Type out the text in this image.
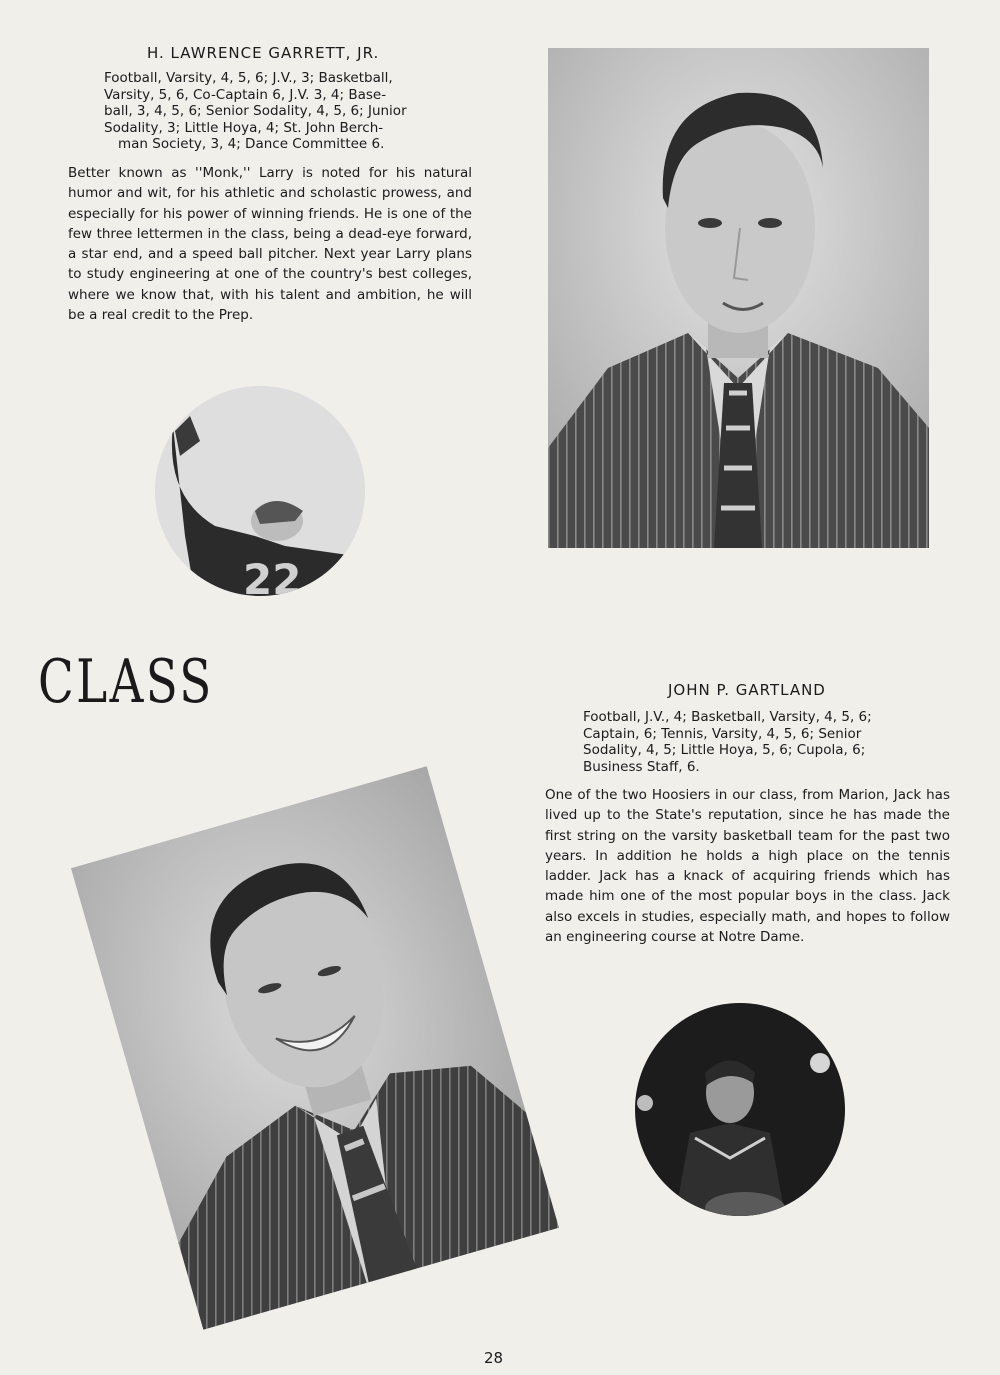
H. LAWRENCE GARRETT, JR.
Football, Varsity, 4, 5, 6; J.V., 3; Basketball,
Varsity, 5, 6, Co-Captain 6, J.V. 3, 4; Base-
ball, 3, 4, 5, 6; Senior Sodality, 4, 5, 6; Junior
Sodality, 3; Little Hoya, 4; St. John Berch-
man Society, 3, 4; Dance Committee 6.
Better known as ''Monk,'' Larry is noted for his natural humor and wit, for his athletic and scholastic prowess, and especially for his power of winning friends. He is one of the few three lettermen in the class, being a dead-eye forward, a star end, and a speed ball pitcher. Next year Larry plans to study engineering at one of the country's best colleges, where we know that, with his talent and ambition, he will be a real credit to the Prep.
22
CLASS	JOHN P. GARTLAND
Football, J.V., 4; Basketball, Varsity, 4, 5, 6;
Captain, 6; Tennis, Varsity, 4, 5, 6; Senior
Sodality, 4, 5; Little Hoya, 5, 6; Cupola, 6;
Business Staff, 6.
One of the two Hoosiers in our class, from Marion, Jack has lived up to the State's reputation, since he has made the first string on the varsity basketball team for the past two years. In addition he holds a high place on the tennis ladder. Jack has a knack of acquiring friends which has made him one of the most popular boys in the class. Jack also excels in studies, especially math, and hopes to follow an engineering course at Notre Dame.
28
